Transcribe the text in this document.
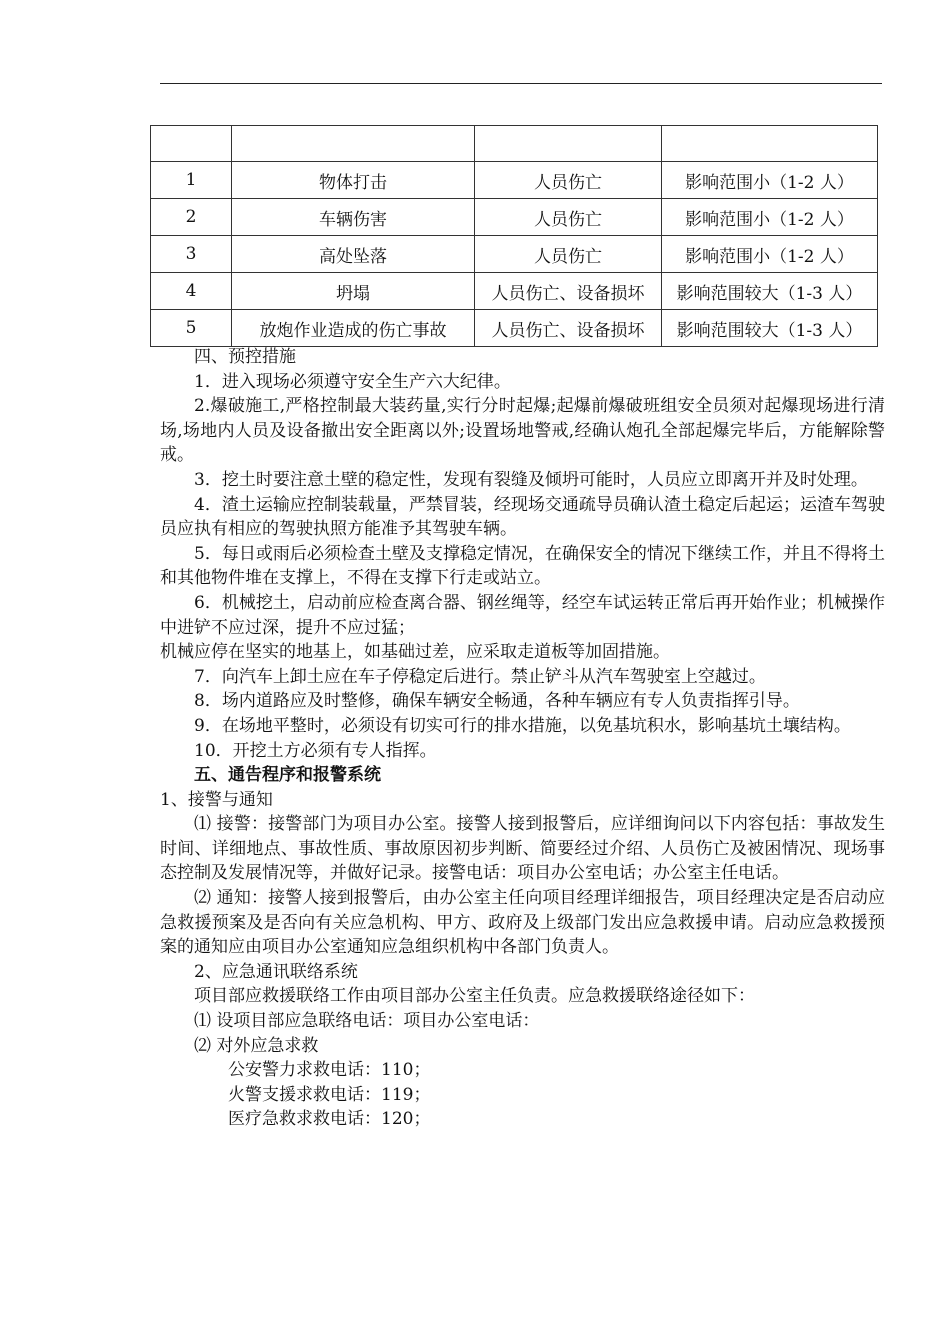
1	物体打击	人员伤亡	影响范围小（1-2 人）
2	车辆伤害	人员伤亡	影响范围小（1-2 人）
3	高处坠落	人员伤亡	影响范围小（1-2 人）
4	坍塌	人员伤亡、设备损坏	影响范围较大（1-3 人）
5	放炮作业造成的伤亡事故	人员伤亡、设备损坏	影响范围较大（1-3 人）

四、预控措施

1．进入现场必须遵守安全生产六大纪律。

2.爆破施工,严格控制最大装药量,实行分时起爆;起爆前爆破班组安全员须对起爆现场进行清场,场地内人员及设备撤出安全距离以外;设置场地警戒,经确认炮孔全部起爆完毕后，方能解除警戒。

3．挖土时要注意土壁的稳定性，发现有裂缝及倾坍可能时，人员应立即离开并及时处理。

4．渣土运输应控制装载量，严禁冒装，经现场交通疏导员确认渣土稳定后起运；运渣车驾驶员应执有相应的驾驶执照方能准予其驾驶车辆。

5．每日或雨后必须检查土壁及支撑稳定情况，在确保安全的情况下继续工作，并且不得将土和其他物件堆在支撑上，不得在支撑下行走或站立。

6．机械挖土，启动前应检查离合器、钢丝绳等，经空车试运转正常后再开始作业；机械操作中进铲不应过深，提升不应过猛；

机械应停在坚实的地基上，如基础过差，应采取走道板等加固措施。

7．向汽车上卸土应在车子停稳定后进行。禁止铲斗从汽车驾驶室上空越过。

8．场内道路应及时整修，确保车辆安全畅通，各种车辆应有专人负责指挥引导。

9．在场地平整时，必须设有切实可行的排水措施，以免基坑积水，影响基坑土壤结构。

10．开挖土方必须有专人指挥。

五、通告程序和报警系统

1、接警与通知

⑴ 接警：接警部门为项目办公室。接警人接到报警后，应详细询问以下内容包括：事故发生时间、详细地点、事故性质、事故原因初步判断、简要经过介绍、人员伤亡及被困情况、现场事态控制及发展情况等，并做好记录。接警电话：项目办公室电话；办公室主任电话。

⑵ 通知：接警人接到报警后，由办公室主任向项目经理详细报告，项目经理决定是否启动应急救援预案及是否向有关应急机构、甲方、政府及上级部门发出应急救援申请。启动应急救援预案的通知应由项目办公室通知应急组织机构中各部门负责人。

2、应急通讯联络系统

项目部应救援联络工作由项目部办公室主任负责。应急救援联络途径如下：

⑴ 设项目部应急联络电话：项目办公室电话：

⑵ 对外应急求救

公安警力求救电话：110；

火警支援求救电话：119；

医疗急救求救电话：120；
